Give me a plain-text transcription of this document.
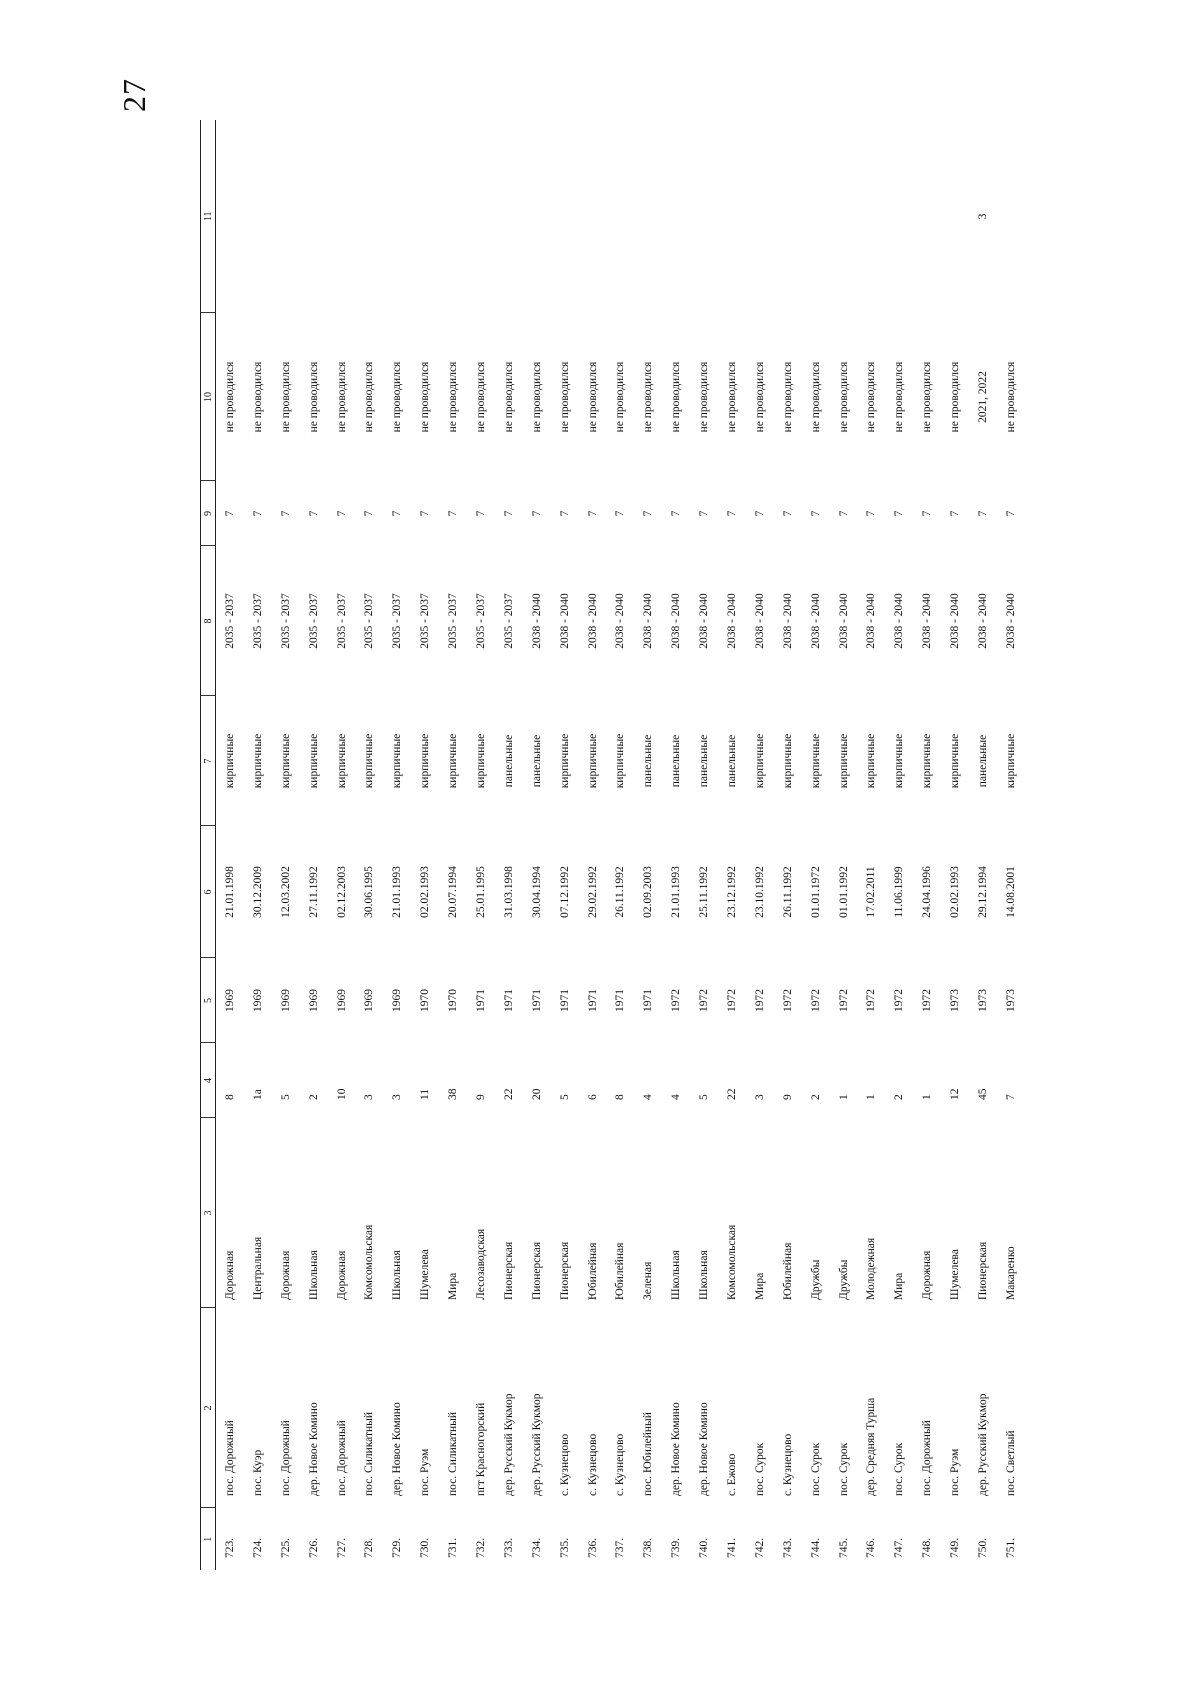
27
1	2	3	4	5	6	7	8	9	10	11
723.	пос. Дорожный	Дорожная	8	1969	21.01.1998	кирпичные	2035 - 2037	7	не проводился	
724.	пос. Куэр	Центральная	1а	1969	30.12.2009	кирпичные	2035 - 2037	7	не проводился	
725.	пос. Дорожный	Дорожная	5	1969	12.03.2002	кирпичные	2035 - 2037	7	не проводился	
726.	дер. Новое Комино	Школьная	2	1969	27.11.1992	кирпичные	2035 - 2037	7	не проводился	
727.	пос. Дорожный	Дорожная	10	1969	02.12.2003	кирпичные	2035 - 2037	7	не проводился	
728.	пос. Силикатный	Комсомольская	3	1969	30.06.1995	кирпичные	2035 - 2037	7	не проводился	
729.	дер. Новое Комино	Школьная	3	1969	21.01.1993	кирпичные	2035 - 2037	7	не проводился	
730.	пос. Руэм	Шумелева	11	1970	02.02.1993	кирпичные	2035 - 2037	7	не проводился	
731.	пос. Силикатный	Мира	38	1970	20.07.1994	кирпичные	2035 - 2037	7	не проводился	
732.	пгт Красногорский	Лесозаводская	9	1971	25.01.1995	кирпичные	2035 - 2037	7	не проводился	
733.	дер. Русский Кукмор	Пионерская	22	1971	31.03.1998	панельные	2035 - 2037	7	не проводился	
734.	дер. Русский Кукмор	Пионерская	20	1971	30.04.1994	панельные	2038 - 2040	7	не проводился	
735.	с. Кузнецово	Пионерская	5	1971	07.12.1992	кирпичные	2038 - 2040	7	не проводился	
736.	с. Кузнецово	Юбилейная	6	1971	29.02.1992	кирпичные	2038 - 2040	7	не проводился	
737.	с. Кузнецово	Юбилейная	8	1971	26.11.1992	кирпичные	2038 - 2040	7	не проводился	
738.	пос. Юбилейный	Зеленая	4	1971	02.09.2003	панельные	2038 - 2040	7	не проводился	
739.	дер. Новое Комино	Школьная	4	1972	21.01.1993	панельные	2038 - 2040	7	не проводился	
740.	дер. Новое Комино	Школьная	5	1972	25.11.1992	панельные	2038 - 2040	7	не проводился	
741.	с. Ежово	Комсомольская	22	1972	23.12.1992	панельные	2038 - 2040	7	не проводился	
742.	пос. Сурок	Мира	3	1972	23.10.1992	кирпичные	2038 - 2040	7	не проводился	
743.	с. Кузнецово	Юбилейная	9	1972	26.11.1992	кирпичные	2038 - 2040	7	не проводился	
744.	пос. Сурок	Дружбы	2	1972	01.01.1972	кирпичные	2038 - 2040	7	не проводился	
745.	пос. Сурок	Дружбы	1	1972	01.01.1992	кирпичные	2038 - 2040	7	не проводился	
746.	дер. Средняя Турша	Молодежная	1	1972	17.02.2011	кирпичные	2038 - 2040	7	не проводился	
747.	пос. Сурок	Мира	2	1972	11.06.1999	кирпичные	2038 - 2040	7	не проводился	
748.	пос. Дорожный	Дорожная	1	1972	24.04.1996	кирпичные	2038 - 2040	7	не проводился	
749.	пос. Руэм	Шумелева	12	1973	02.02.1993	кирпичные	2038 - 2040	7	не проводился	
750.	дер. Русский Кукмор	Пионерская	45	1973	29.12.1994	панельные	2038 - 2040	7	2021, 2022	3
751.	пос. Светлый	Макаренко	7	1973	14.08.2001	кирпичные	2038 - 2040	7	не проводился	
